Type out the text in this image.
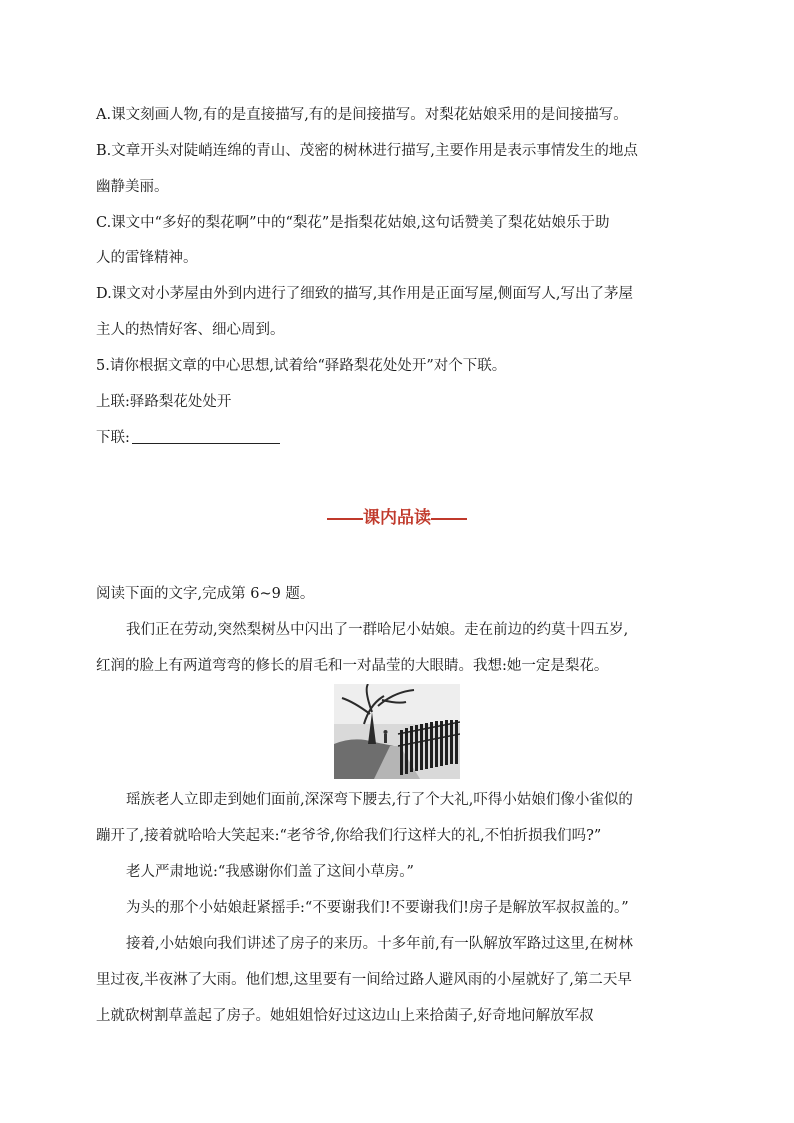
A.课文刻画人物,有的是直接描写,有的是间接描写。对梨花姑娘采用的是间接描写。
B.文章开头对陡峭连绵的青山、茂密的树林进行描写,主要作用是表示事情发生的地点
幽静美丽。
C.课文中“多好的梨花啊”中的“梨花”是指梨花姑娘,这句话赞美了梨花姑娘乐于助
人的雷锋精神。
D.课文对小茅屋由外到内进行了细致的描写,其作用是正面写屋,侧面写人,写出了茅屋
主人的热情好客、细心周到。
5.请你根据文章的中心思想,试着给“驿路梨花处处开”对个下联。
上联:驿路梨花处处开
下联:
课内品读
阅读下面的文字,完成第 6~9 题。
我们正在劳动,突然梨树丛中闪出了一群哈尼小姑娘。走在前边的约莫十四五岁,
红润的脸上有两道弯弯的修长的眉毛和一对晶莹的大眼睛。我想:她一定是梨花。
瑶族老人立即走到她们面前,深深弯下腰去,行了个大礼,吓得小姑娘们像小雀似的
蹦开了,接着就哈哈大笑起来:“老爷爷,你给我们行这样大的礼,不怕折损我们吗?”
老人严肃地说:“我感谢你们盖了这间小草房。”
为头的那个小姑娘赶紧摇手:“不要谢我们!不要谢我们!房子是解放军叔叔盖的。”
接着,小姑娘向我们讲述了房子的来历。十多年前,有一队解放军路过这里,在树林
里过夜,半夜淋了大雨。他们想,这里要有一间给过路人避风雨的小屋就好了,第二天早
上就砍树割草盖起了房子。她姐姐恰好过这边山上来拾菌子,好奇地问解放军叔
